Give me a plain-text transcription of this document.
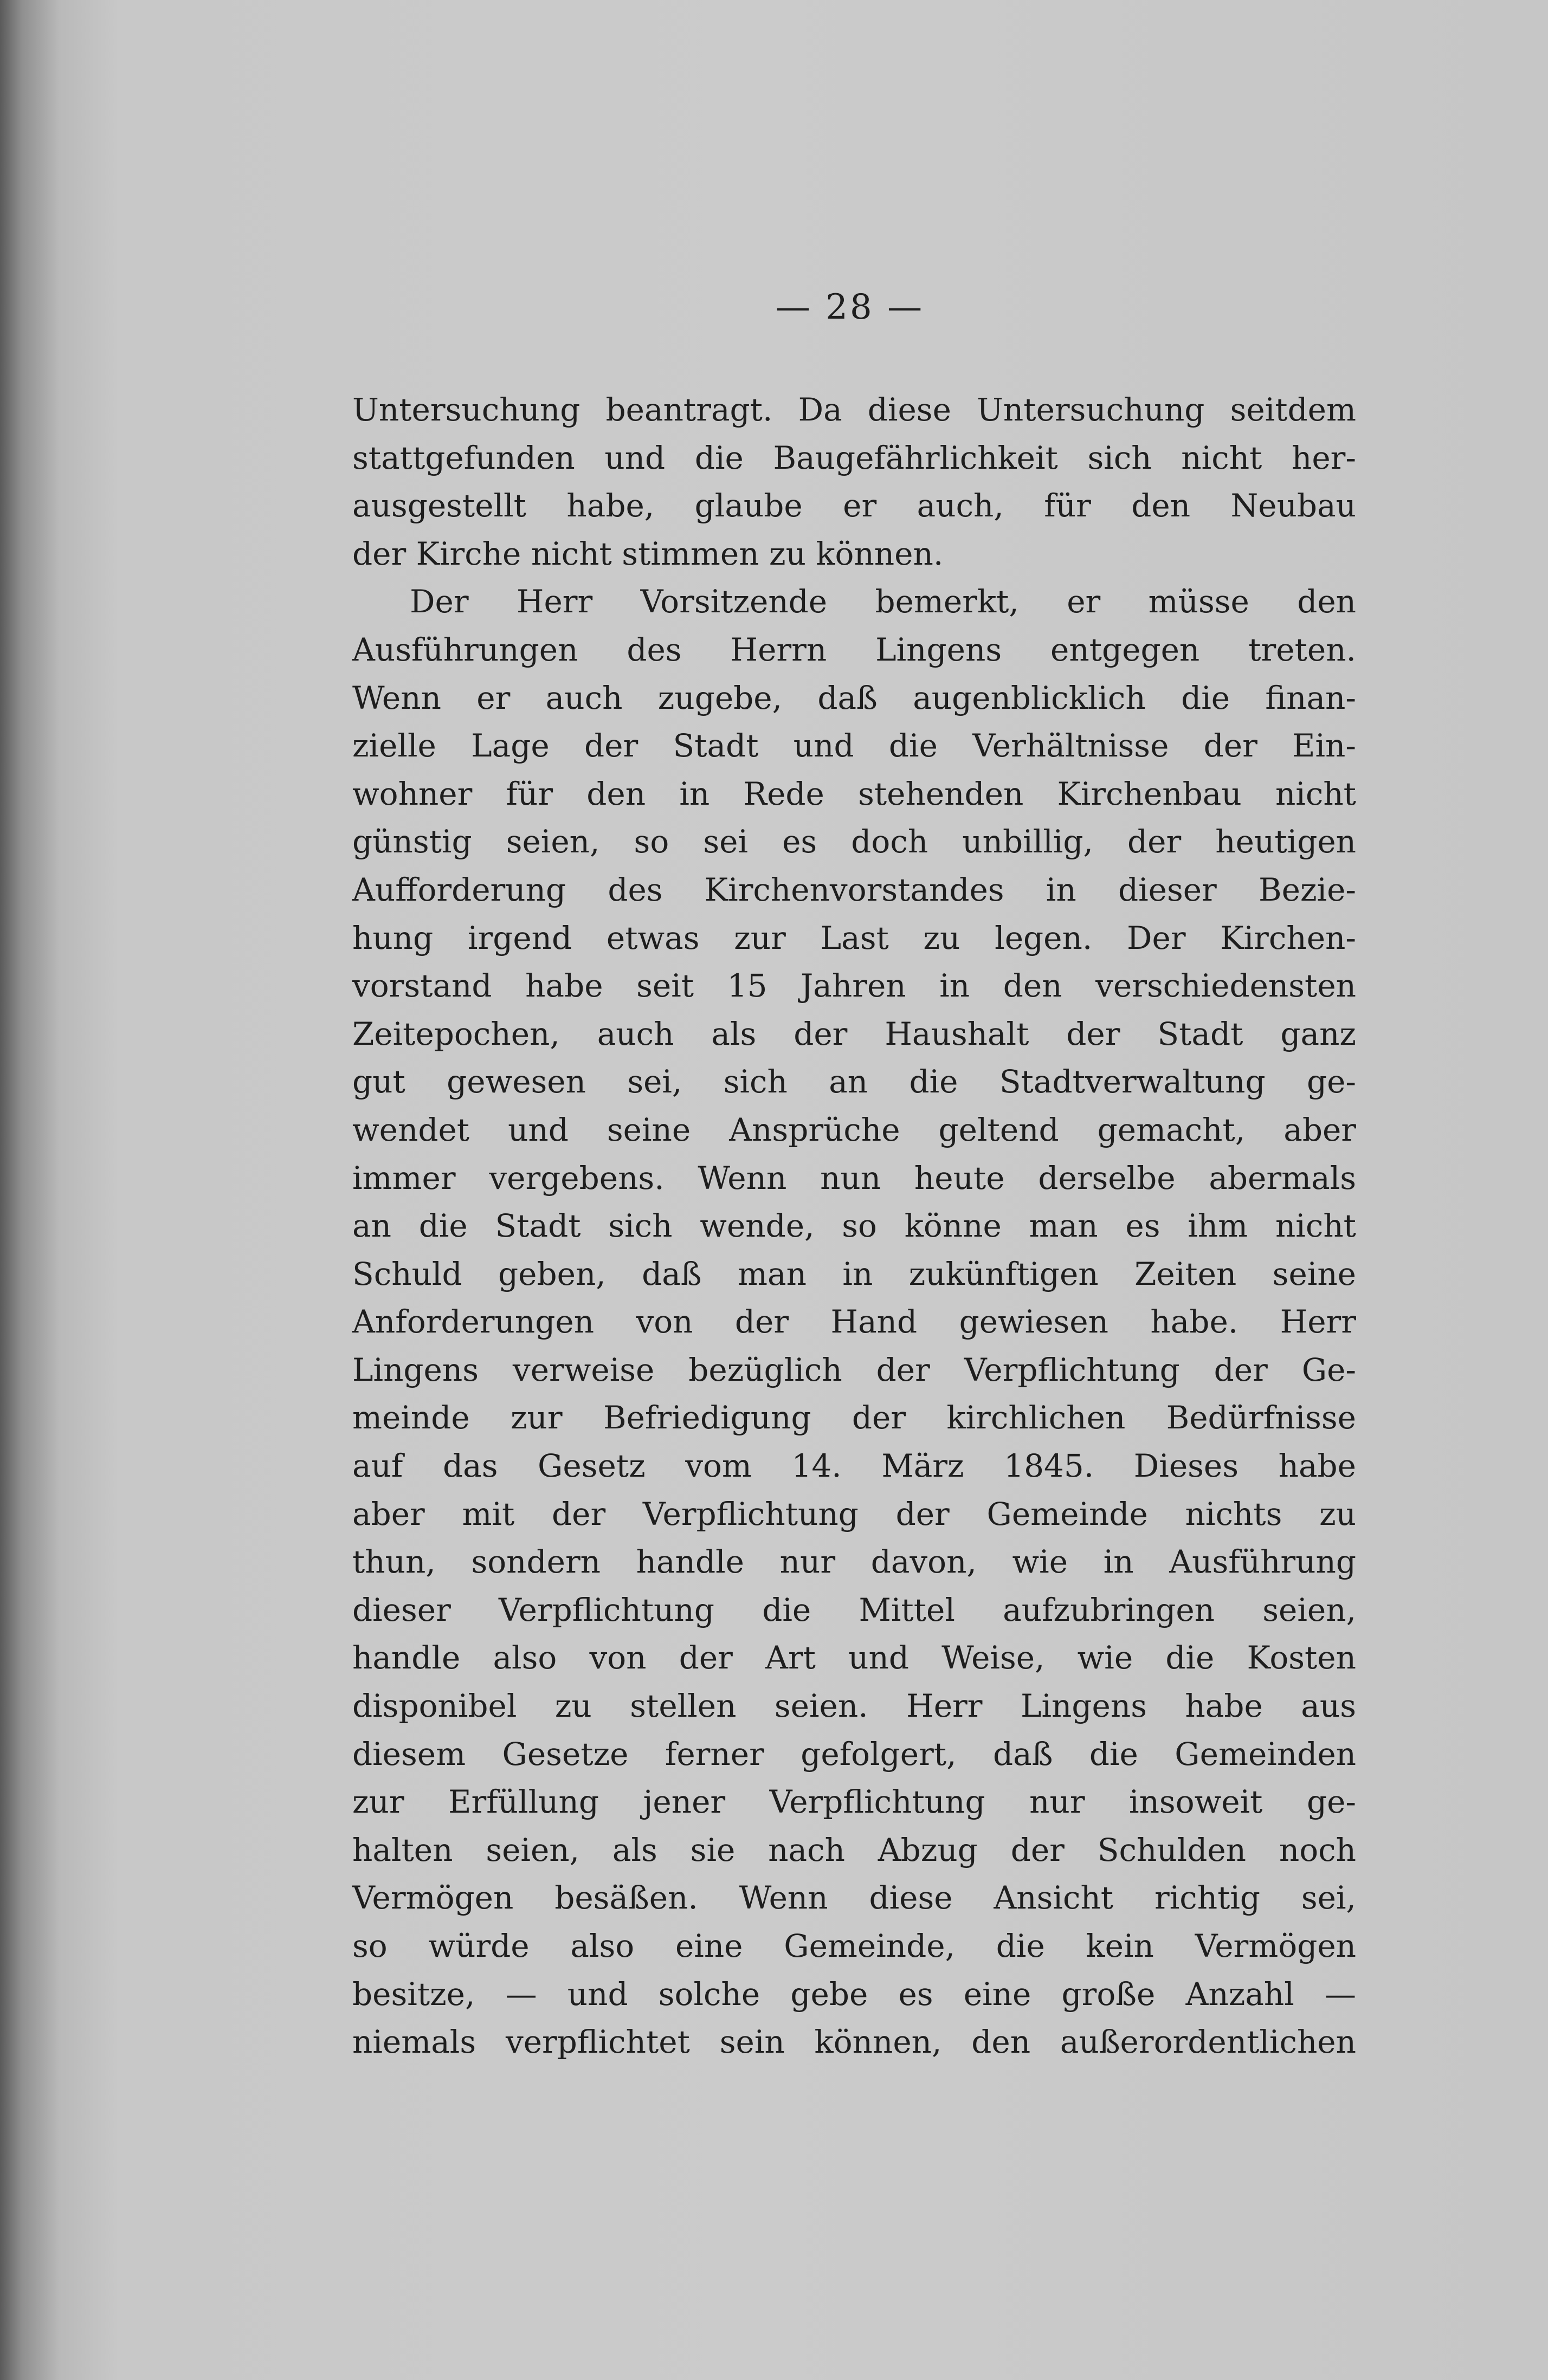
— 28 —
Untersuchung beantragt. Da diese Untersuchung seitdem
stattgefunden und die Baugefährlichkeit sich nicht her-
ausgestellt habe, glaube er auch, für den Neubau
der Kirche nicht stimmen zu können.
Der Herr Vorsitzende bemerkt, er müsse den
Ausführungen des Herrn Lingens entgegen treten.
Wenn er auch zugebe, daß augenblicklich die finan-
zielle Lage der Stadt und die Verhältnisse der Ein-
wohner für den in Rede stehenden Kirchenbau nicht
günstig seien, so sei es doch unbillig, der heutigen
Aufforderung des Kirchenvorstandes in dieser Bezie-
hung irgend etwas zur Last zu legen. Der Kirchen-
vorstand habe seit 15 Jahren in den verschiedensten
Zeitepochen, auch als der Haushalt der Stadt ganz
gut gewesen sei, sich an die Stadtverwaltung ge-
wendet und seine Ansprüche geltend gemacht, aber
immer vergebens. Wenn nun heute derselbe abermals
an die Stadt sich wende, so könne man es ihm nicht
Schuld geben, daß man in zukünftigen Zeiten seine
Anforderungen von der Hand gewiesen habe. Herr
Lingens verweise bezüglich der Verpflichtung der Ge-
meinde zur Befriedigung der kirchlichen Bedürfnisse
auf das Gesetz vom 14. März 1845. Dieses habe
aber mit der Verpflichtung der Gemeinde nichts zu
thun, sondern handle nur davon, wie in Ausführung
dieser Verpflichtung die Mittel aufzubringen seien,
handle also von der Art und Weise, wie die Kosten
disponibel zu stellen seien. Herr Lingens habe aus
diesem Gesetze ferner gefolgert, daß die Gemeinden
zur Erfüllung jener Verpflichtung nur insoweit ge-
halten seien, als sie nach Abzug der Schulden noch
Vermögen besäßen. Wenn diese Ansicht richtig sei,
so würde also eine Gemeinde, die kein Vermögen
besitze, — und solche gebe es eine große Anzahl —
niemals verpflichtet sein können, den außerordentlichen
